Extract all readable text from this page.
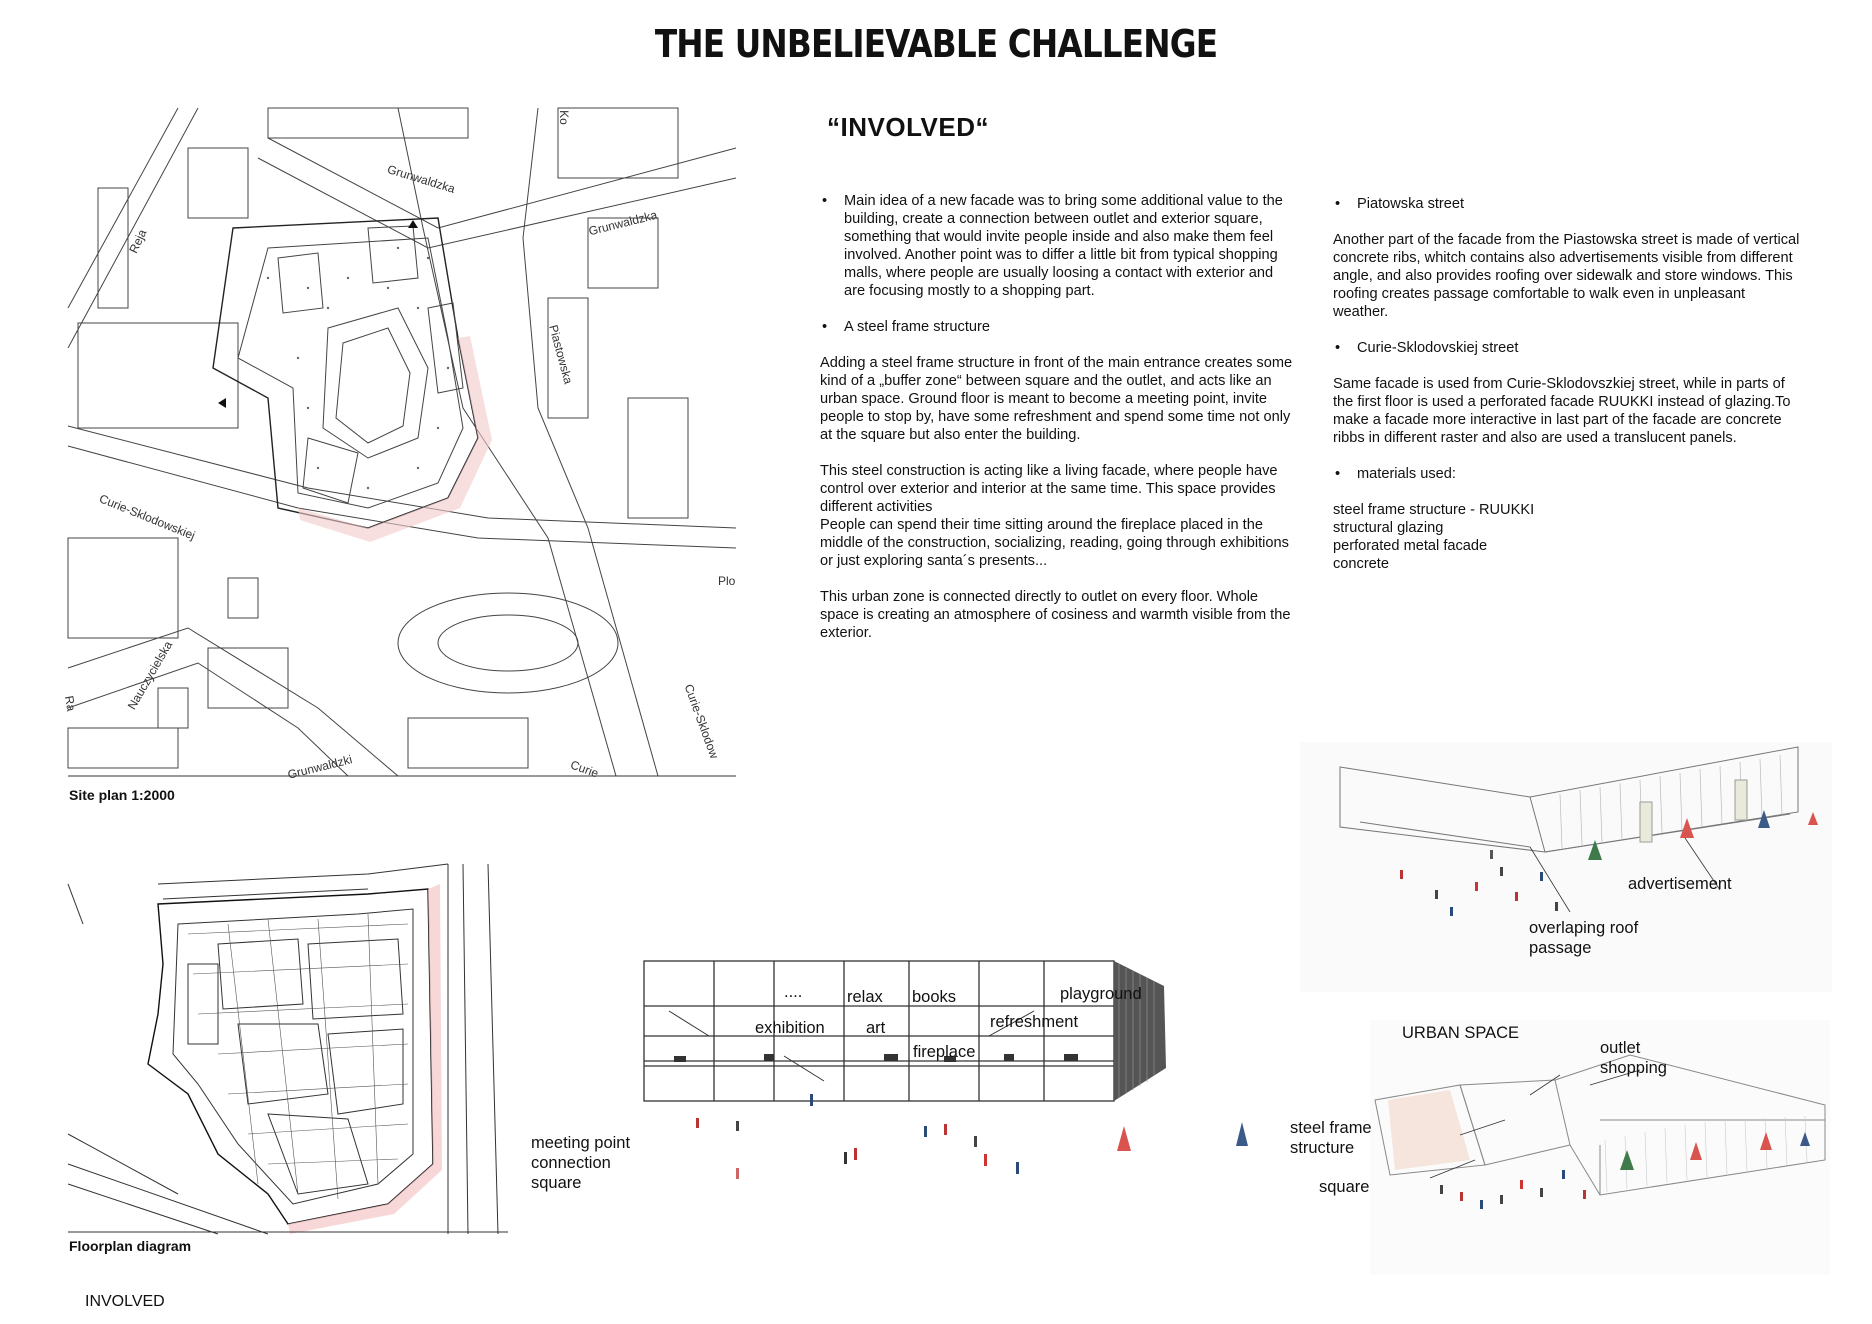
THE UNBELIEVABLE CHALLENGE
“INVOLVED“
•	Main idea of a new facade was to bring some additional value to the building, create a connection between outlet and exterior square, something that would invite people inside and also make them feel involved. Another point was to differ a little bit from typical shopping malls, where people are usually loosing a contact with exterior and are focusing mostly to a shopping part.
•	A steel frame structure

Adding a steel frame structure in front of the main entrance creates some kind of a „buffer zone“ between square and the outlet, and acts like an urban space. Ground floor is meant to become a meeting point, invite people to stop by, have some refreshment and spend some time not only at the square but also enter the building.

This steel construction is acting like a living facade, where people have control over exterior and interior at the same time. This space provides different activities

People can spend their time sitting around the fireplace placed in the middle of the construction, socializing, reading, going through exhibitions or just exploring santa´s presents...

This urban zone is connected directly to outlet on every floor. Whole space is creating an atmosphere of cosiness and warmth visible from the exterior.

•	Piatowska street

Another part of the facade from the Piastowska street is made of vertical concrete ribs, whitch contains also advertisements visible from different angle, and also provides roofing over sidewalk and store windows. This roofing creates passage comfortable to walk even in unpleasant weather.

•	Curie-Sklodovskiej street

Same facade is used from Curie-Sklodovszkiej street, while in parts of the first floor is used a perforated facade RUUKKI instead of glazing.To make a facade more interactive in last part of the facade are concrete ribbs in different raster and also are used a translucent panels.

•	materials used:
steel frame structure - RUUKKI
structural glazing
perforated metal facade
concrete
Grunwaldzka
Grunwaldzka
Reja
Piastowska
Curie-Sklodowskiej
Curie-Sklodow
Curie
Grunwaldzki
Nauczycielska
Ko
Plo
Ra
Site plan 1:2000
Floorplan diagram
INVOLVED
....	relax books	playground
exhibition	art	refreshment
fireplace
meeting point
connection
square
advertisement
overlaping roof
passage
URBAN SPACE
outlet
shopping
steel frame
structure
square
